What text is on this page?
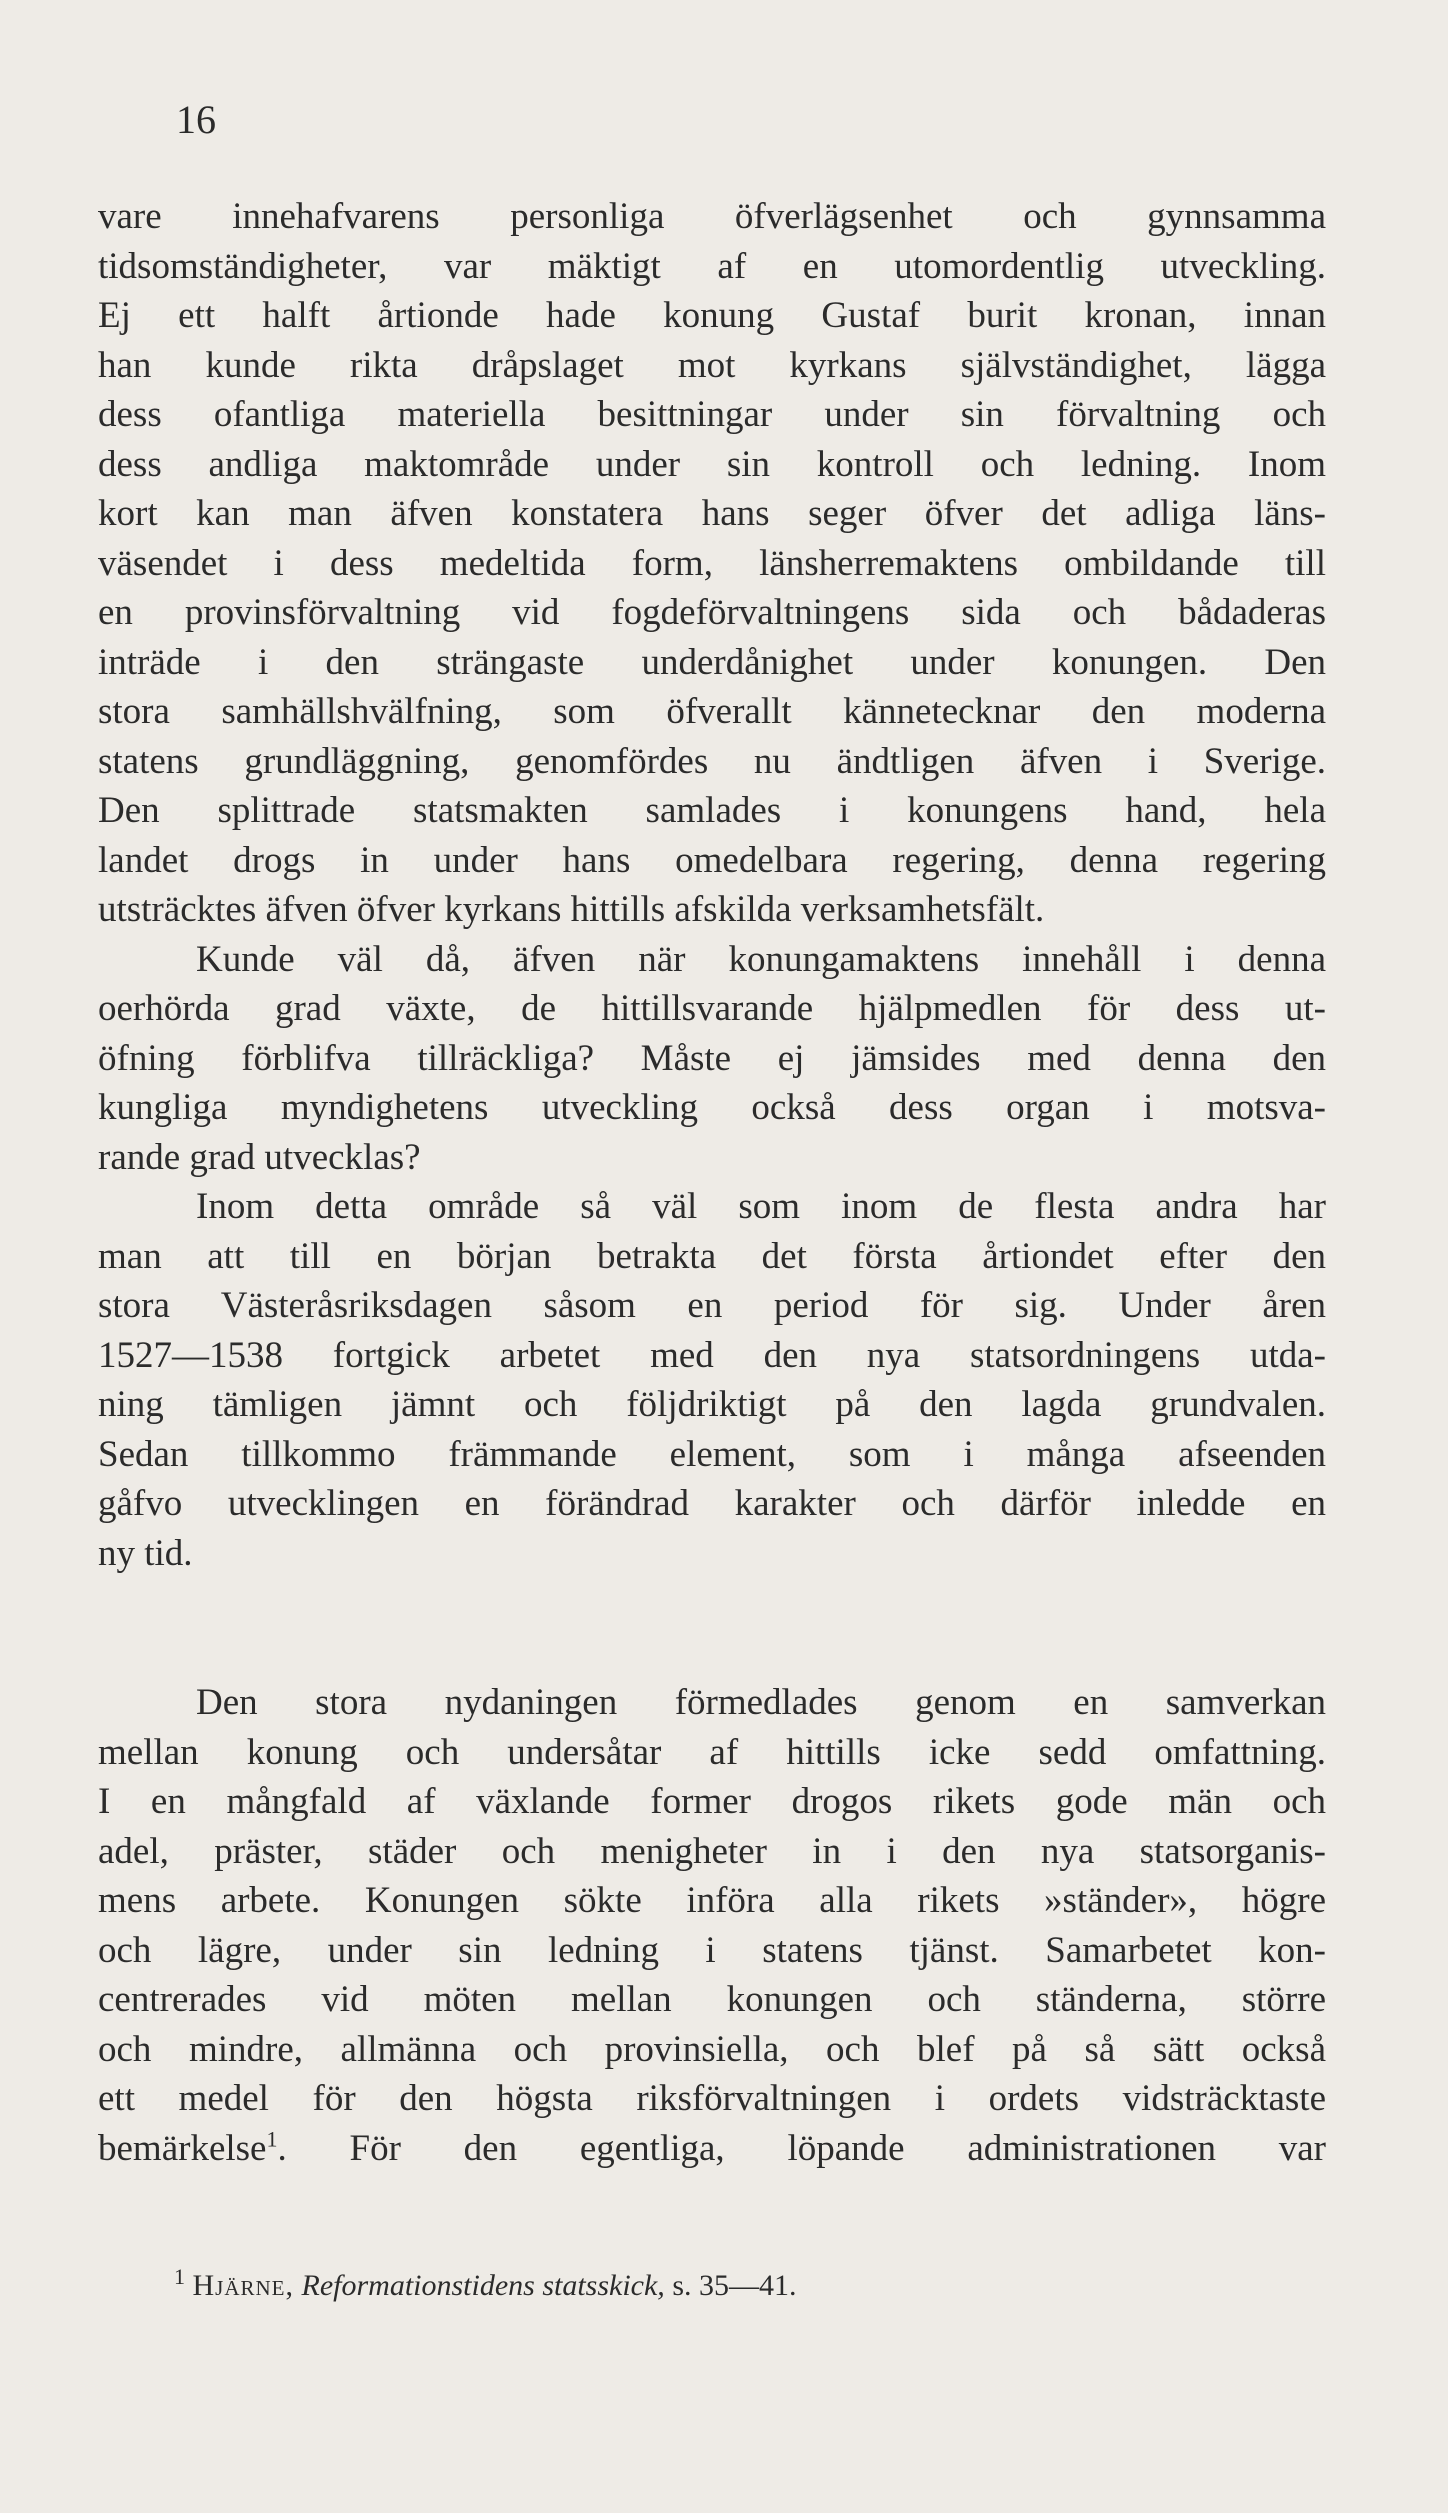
16
vare innehafvarens personliga öfverlägsenhet och gynnsamma
tidsomständigheter, var mäktigt af en utomordentlig utveckling.
Ej ett halft årtionde hade konung Gustaf burit kronan, innan
han kunde rikta dråpslaget mot kyrkans självständighet, lägga
dess ofantliga materiella besittningar under sin förvaltning och
dess andliga maktområde under sin kontroll och ledning. Inom
kort kan man äfven konstatera hans seger öfver det adliga läns-
väsendet i dess medeltida form, länsherremaktens ombildande till
en provinsförvaltning vid fogdeförvaltningens sida och bådaderas
inträde i den strängaste underdånighet under konungen. Den
stora samhällshvälfning, som öfverallt kännetecknar den moderna
statens grundläggning, genomfördes nu ändtligen äfven i Sverige.
Den splittrade statsmakten samlades i konungens hand, hela
landet drogs in under hans omedelbara regering, denna regering
utsträcktes äfven öfver kyrkans hittills afskilda verksamhetsfält.
Kunde väl då, äfven när konungamaktens innehåll i denna
oerhörda grad växte, de hittillsvarande hjälpmedlen för dess ut-
öfning förblifva tillräckliga? Måste ej jämsides med denna den
kungliga myndighetens utveckling också dess organ i motsva-
rande grad utvecklas?
Inom detta område så väl som inom de flesta andra har
man att till en början betrakta det första årtiondet efter den
stora Västeråsriksdagen såsom en period för sig. Under åren
1527—1538 fortgick arbetet med den nya statsordningens utda-
ning tämligen jämnt och följdriktigt på den lagda grundvalen.
Sedan tillkommo främmande element, som i många afseenden
gåfvo utvecklingen en förändrad karakter och därför inledde en
ny tid.
Den stora nydaningen förmedlades genom en samverkan
mellan konung och undersåtar af hittills icke sedd omfattning.
I en mångfald af växlande former drogos rikets gode män och
adel, präster, städer och menigheter in i den nya statsorganis-
mens arbete. Konungen sökte införa alla rikets »ständer», högre
och lägre, under sin ledning i statens tjänst. Samarbetet kon-
centrerades vid möten mellan konungen och ständerna, större
och mindre, allmänna och provinsiella, och blef på så sätt också
ett medel för den högsta riksförvaltningen i ordets vidsträcktaste
bemärkelse$^1$. För den egentliga, löpande administrationen var
$^1$ Hjärne, Reformationstidens statsskick, s. 35—41.
